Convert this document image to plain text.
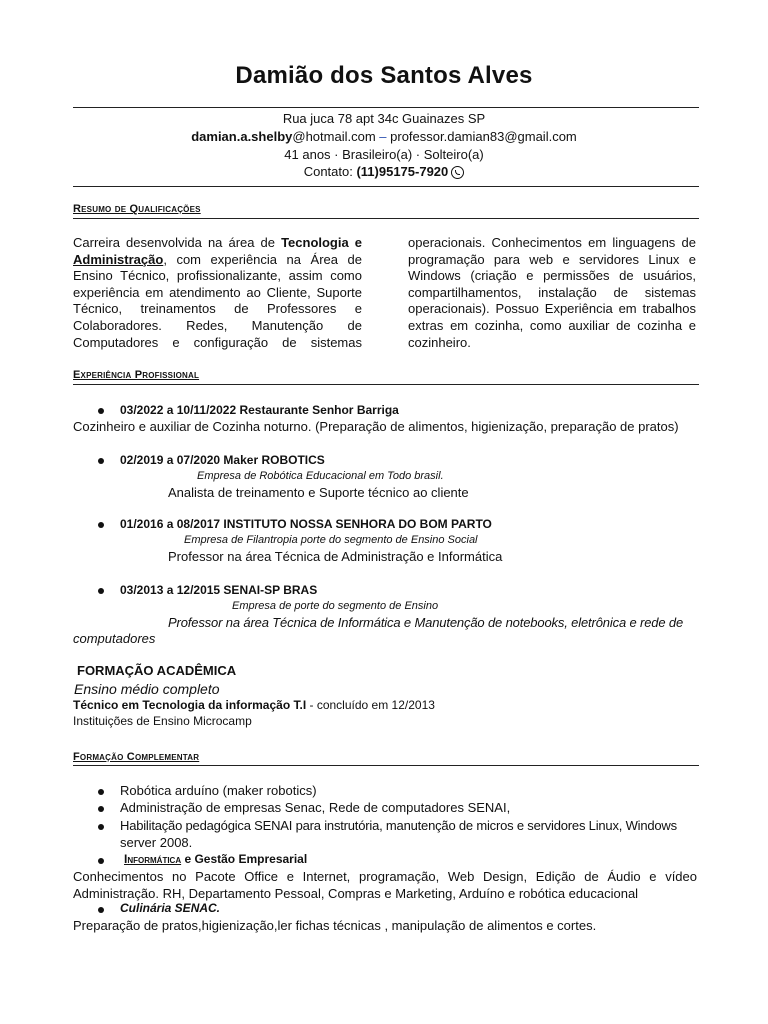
Damião dos Santos Alves
Rua juca 78 apt 34c Guainazes SP
damian.a.shelby@hotmail.com – professor.damian83@gmail.com
41 anos · Brasileiro(a) · Solteiro(a)
Contato: (11)95175-7920
Resumo de Qualificações
Carreira desenvolvida na área de Tecnologia e
Administração, com experiência na Área de
Ensino Técnico, profissionalizante, assim como
experiência em atendimento ao Cliente, Suporte
Técnico, treinamentos de Professores e
Colaboradores. Redes, Manutenção de
Computadores e configuração de sistemas
operacionais. Conhecimentos em linguagens de
programação para web e servidores Linux e
Windows (criação e permissões de usuários,
compartilhamentos, instalação de sistemas
operacionais). Possuo Experiência em trabalhos
extras em cozinha, como auxiliar de cozinha e
cozinheiro.
Experiência Profissional
03/2022 a 10/11/2022 Restaurante Senhor Barriga
Cozinheiro e auxiliar de Cozinha noturno. (Preparação de alimentos, higienização, preparação de pratos)
02/2019 a 07/2020 Maker ROBOTICS
Empresa de Robótica Educacional em Todo brasil.
Analista de treinamento e Suporte técnico ao cliente
01/2016 a 08/2017 INSTITUTO NOSSA SENHORA DO BOM PARTO
Empresa de Filantropia porte do segmento de Ensino Social
Professor na área Técnica de Administração e Informática
03/2013 a 12/2015 SENAI-SP BRAS
Empresa de porte do segmento de Ensino
Professor na área Técnica de Informática e Manutenção de notebooks, eletrônica e rede de
computadores
FORMAÇÃO ACADÊMICA
Ensino médio completo
Técnico em Tecnologia da informação T.I - concluído em 12/2013
Instituições de Ensino Microcamp
Formação Complementar
Robótica arduíno (maker robotics)
Administração de empresas Senac, Rede de computadores SENAI,
Habilitação pedagógica SENAI para instrutória, manutenção de micros e servidores Linux, Windows
server 2008.
Informática e Gestão Empresarial
Conhecimentos no Pacote Office e Internet, programação, Web Design, Edição de Áudio e vídeo
Administração. RH, Departamento Pessoal, Compras e Marketing, Arduíno e robótica educacional
Culinária SENAC.
Preparação de pratos,higienização,ler fichas técnicas , manipulação de alimentos e cortes.
